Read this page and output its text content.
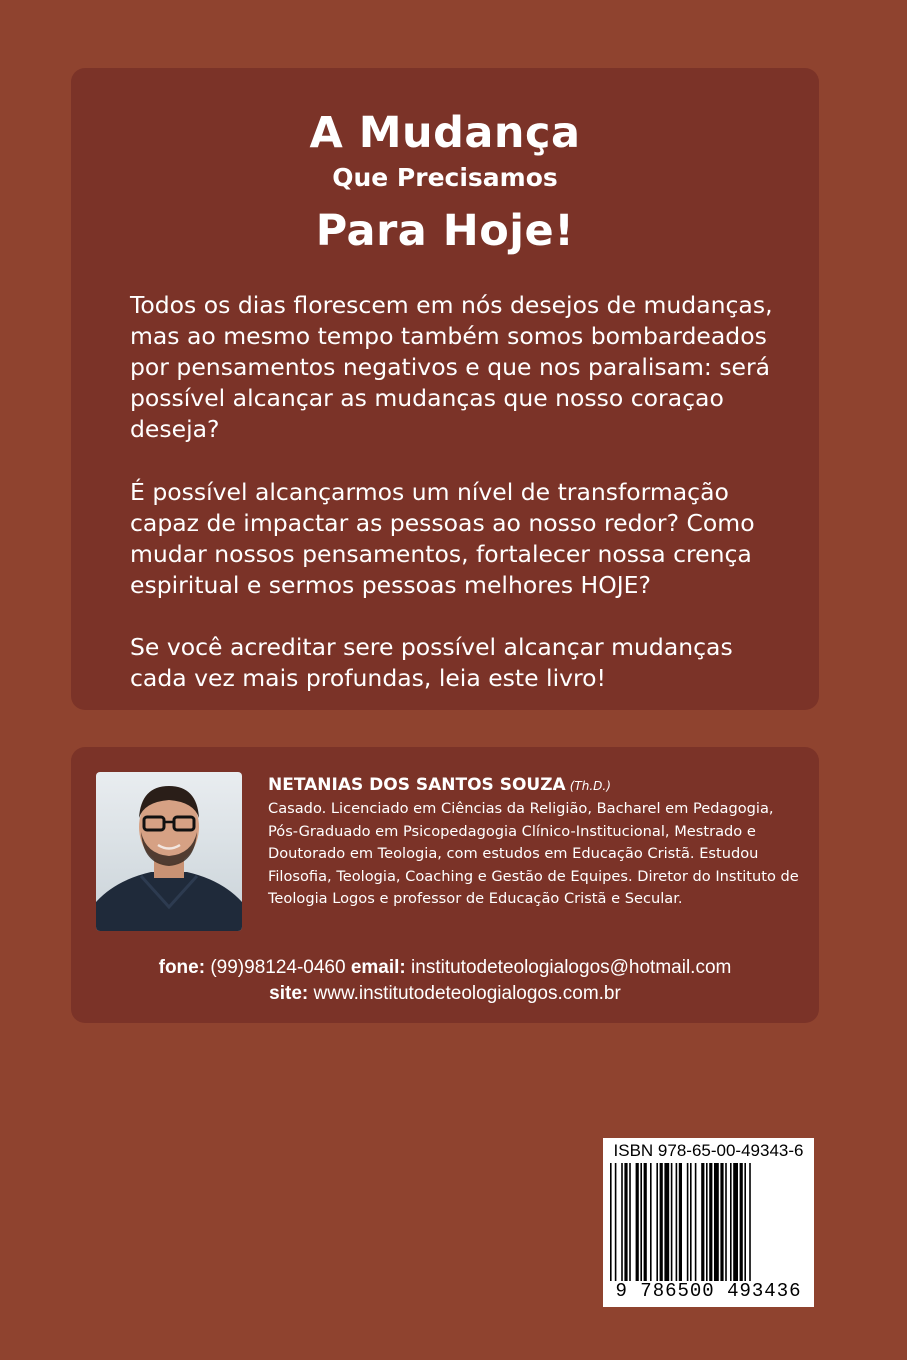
A Mudança
Que Precisamos
Para Hoje!

Todos os dias florescem em nós desejos de mudanças, mas ao mesmo tempo também somos bombardeados por pensamentos negativos e que nos paralisam: será possível alcançar as mudanças que nosso coraçao deseja?

É possível alcançarmos um nível de transformação capaz de impactar as pessoas ao nosso redor? Como mudar nossos pensamentos, fortalecer nossa crença espiritual e sermos pessoas melhores HOJE?

Se você acreditar sere possível alcançar mudanças cada vez mais profundas, leia este livro!

NETANIAS DOS SANTOS SOUZA (Th.D.)
Casado. Licenciado em Ciências da Religião, Bacharel em Pedagogia, Pós-Graduado em Psicopedagogia Clínico-Institucional, Mestrado e Doutorado em Teologia, com estudos em Educação Cristã. Estudou Filosofia, Teologia, Coaching e Gestão de Equipes. Diretor do Instituto de Teologia Logos e professor de Educação Cristã e Secular.
fone: (99)98124-0460 email: institutodeteologialogos@hotmail.com
site: www.institutodeteologialogos.com.br
ISBN 978-65-00-49343-6
9 786500 493436
